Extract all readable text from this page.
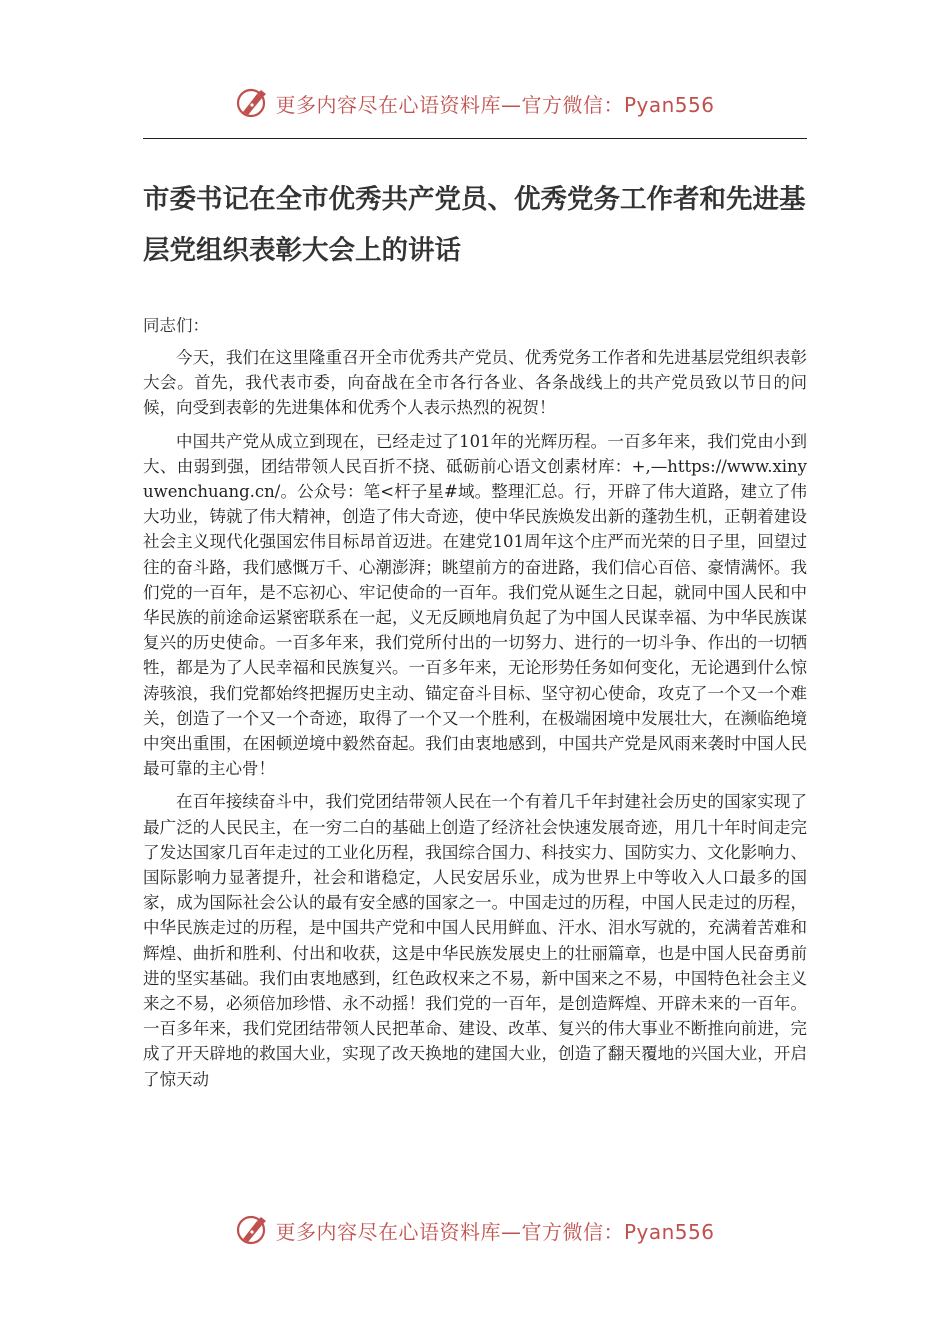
更多内容尽在心语资料库—官方微信：Pyan556
市委书记在全市优秀共产党员、优秀党务工作者和先进基层党组织表彰大会上的讲话

同志们：

今天，我们在这里隆重召开全市优秀共产党员、优秀党务工作者和先进基层党组织表彰大会。首先，我代表市委，向奋战在全市各行各业、各条战线上的共产党员致以节日的问候，向受到表彰的先进集体和优秀个人表示热烈的祝贺！

中国共产党从成立到现在，已经走过了101年的光辉历程。一百多年来，我们党由小到大、由弱到强，团结带领人民百折不挠、砥砺前心语文创素材库：+,—https://www.xinyuwenchuang.cn/。公众号：笔<杆子星#域。整理汇总。行，开辟了伟大道路，建立了伟大功业，铸就了伟大精神，创造了伟大奇迹，使中华民族焕发出新的蓬勃生机，正朝着建设社会主义现代化强国宏伟目标昂首迈进。在建党101周年这个庄严而光荣的日子里，回望过往的奋斗路，我们感慨万千、心潮澎湃；眺望前方的奋进路，我们信心百倍、豪情满怀。我们党的一百年，是不忘初心、牢记使命的一百年。我们党从诞生之日起，就同中国人民和中华民族的前途命运紧密联系在一起，义无反顾地肩负起了为中国人民谋幸福、为中华民族谋复兴的历史使命。一百多年来，我们党所付出的一切努力、进行的一切斗争、作出的一切牺牲，都是为了人民幸福和民族复兴。一百多年来，无论形势任务如何变化，无论遇到什么惊涛骇浪，我们党都始终把握历史主动、锚定奋斗目标、坚守初心使命，攻克了一个又一个难关，创造了一个又一个奇迹，取得了一个又一个胜利，在极端困境中发展壮大，在濒临绝境中突出重围，在困顿逆境中毅然奋起。我们由衷地感到，中国共产党是风雨来袭时中国人民最可靠的主心骨！

在百年接续奋斗中，我们党团结带领人民在一个有着几千年封建社会历史的国家实现了最广泛的人民民主，在一穷二白的基础上创造了经济社会快速发展奇迹，用几十年时间走完了发达国家几百年走过的工业化历程，我国综合国力、科技实力、国防实力、文化影响力、国际影响力显著提升，社会和谐稳定，人民安居乐业，成为世界上中等收入人口最多的国家，成为国际社会公认的最有安全感的国家之一。中国走过的历程，中国人民走过的历程，中华民族走过的历程，是中国共产党和中国人民用鲜血、汗水、泪水写就的，充满着苦难和辉煌、曲折和胜利、付出和收获，这是中华民族发展史上的壮丽篇章，也是中国人民奋勇前进的坚实基础。我们由衷地感到，红色政权来之不易，新中国来之不易，中国特色社会主义来之不易，必须倍加珍惜、永不动摇！我们党的一百年，是创造辉煌、开辟未来的一百年。一百多年来，我们党团结带领人民把革命、建设、改革、复兴的伟大事业不断推向前进，完成了开天辟地的救国大业，实现了改天换地的建国大业，创造了翻天覆地的兴国大业，开启了惊天动

更多内容尽在心语资料库—官方微信：Pyan556
